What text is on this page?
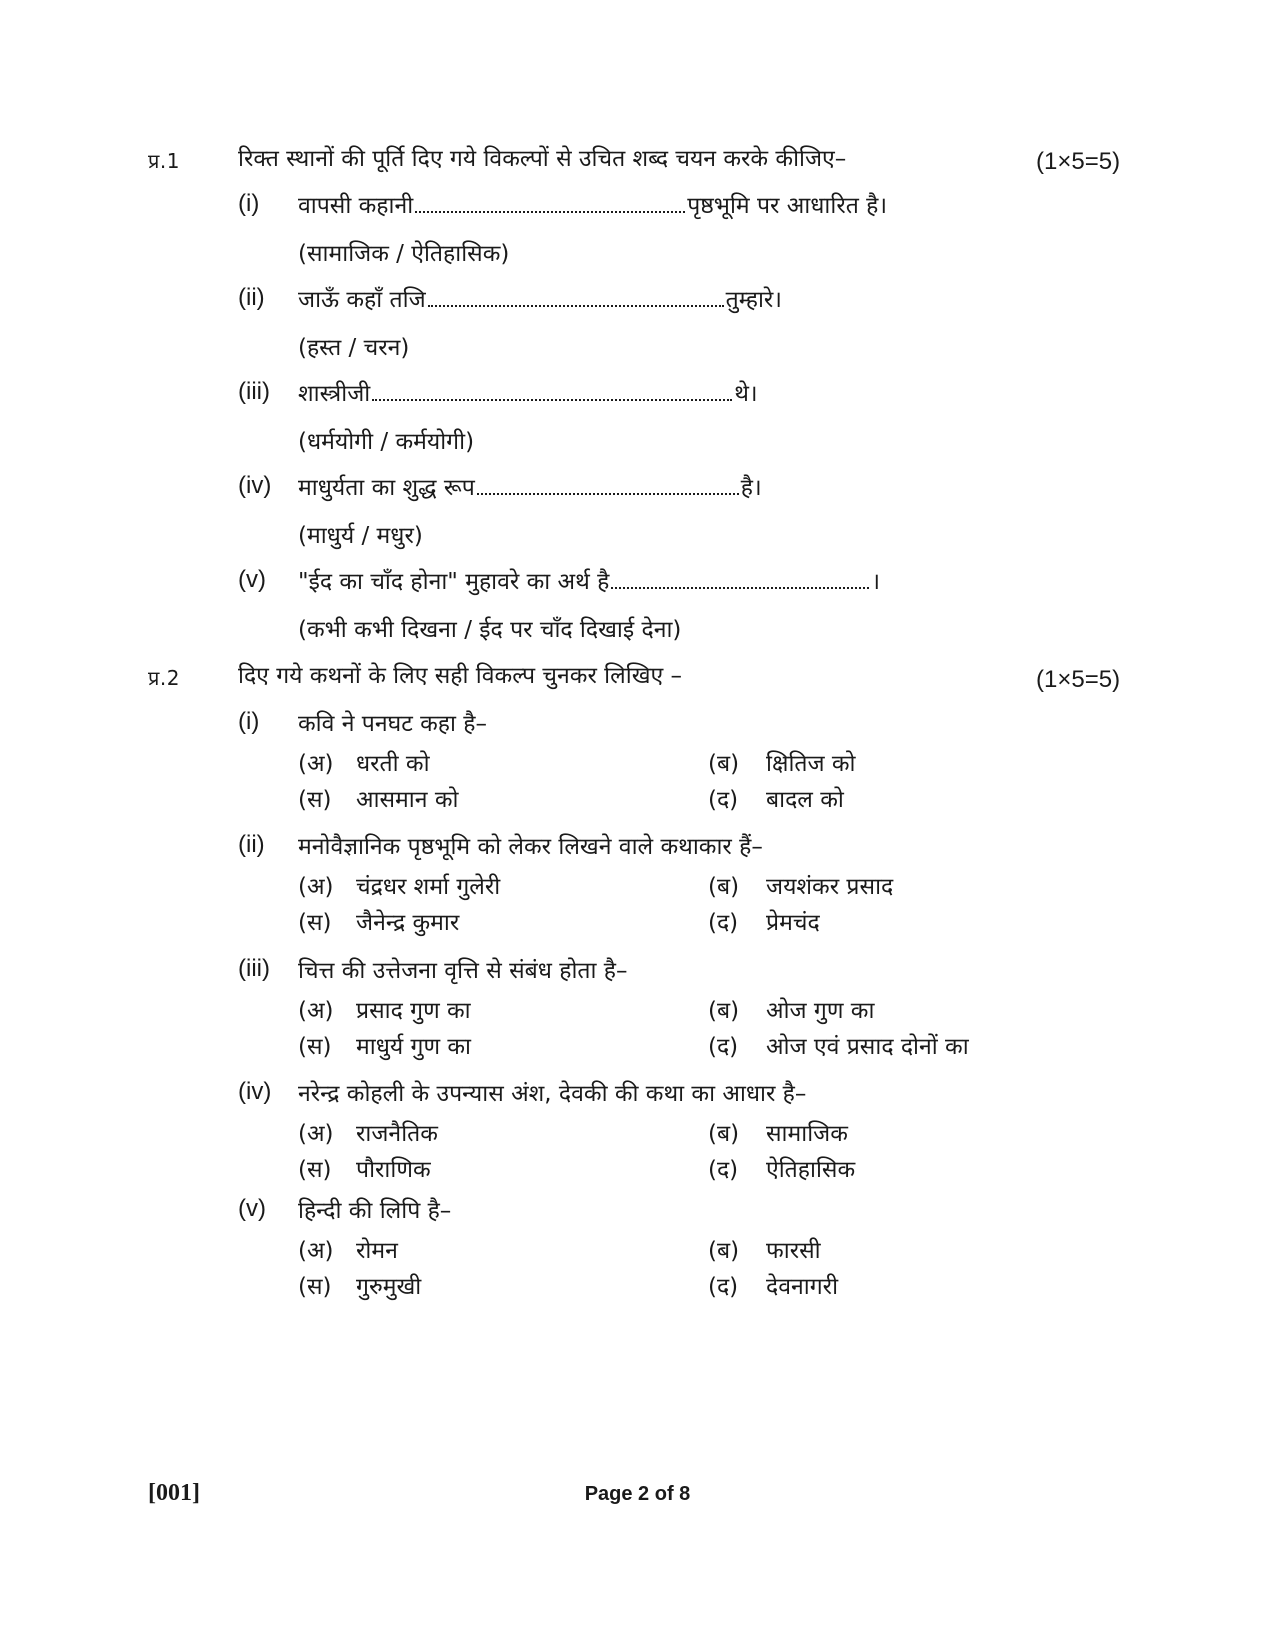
प्र.1	रिक्त स्थानों की पूर्ति दिए गये विकल्पों से उचित शब्द चयन करके कीजिए–	(1×5=5)
(i) वापसी कहानी	पृष्ठभूमि पर आधारित है।
(सामाजिक / ऐतिहासिक)
(ii) जाऊँ कहाँ तजि	तुम्हारे।
(हस्त / चरन)
(iii) शास्त्रीजी	थे।
(धर्मयोगी / कर्मयोगी)
(iv) माधुर्यता का शुद्ध रूप	है।
(माधुर्य / मधुर)
(v) "ईद का चाँद होना" मुहावरे का अर्थ है	।
(कभी कभी दिखना / ईद पर चाँद दिखाई देना)
प्र.2	दिए गये कथनों के लिए सही विकल्प चुनकर लिखिए –	(1×5=5)
(i) कवि ने पनघट कहा है–
(अ) धरती को	(ब) क्षितिज को
(स) आसमान को	(द) बादल को
(ii) मनोवैज्ञानिक पृष्ठभूमि को लेकर लिखने वाले कथाकार हैं–
(अ) चंद्रधर शर्मा गुलेरी	(ब) जयशंकर प्रसाद
(स) जैनेन्द्र कुमार	(द) प्रेमचंद
(iii) चित्त की उत्तेजना वृत्ति से संबंध होता है–
(अ) प्रसाद गुण का	(ब) ओज गुण का
(स) माधुर्य गुण का	(द) ओज एवं प्रसाद दोनों का
(iv) नरेन्द्र कोहली के उपन्यास अंश, देवकी की कथा का आधार है–
(अ) राजनैतिक	(ब) सामाजिक
(स) पौराणिक	(द) ऐतिहासिक
(v) हिन्दी की लिपि है–
(अ) रोमन	(ब) फारसी
(स) गुरुमुखी	(द) देवनागरी
[001]	Page 2 of 8
